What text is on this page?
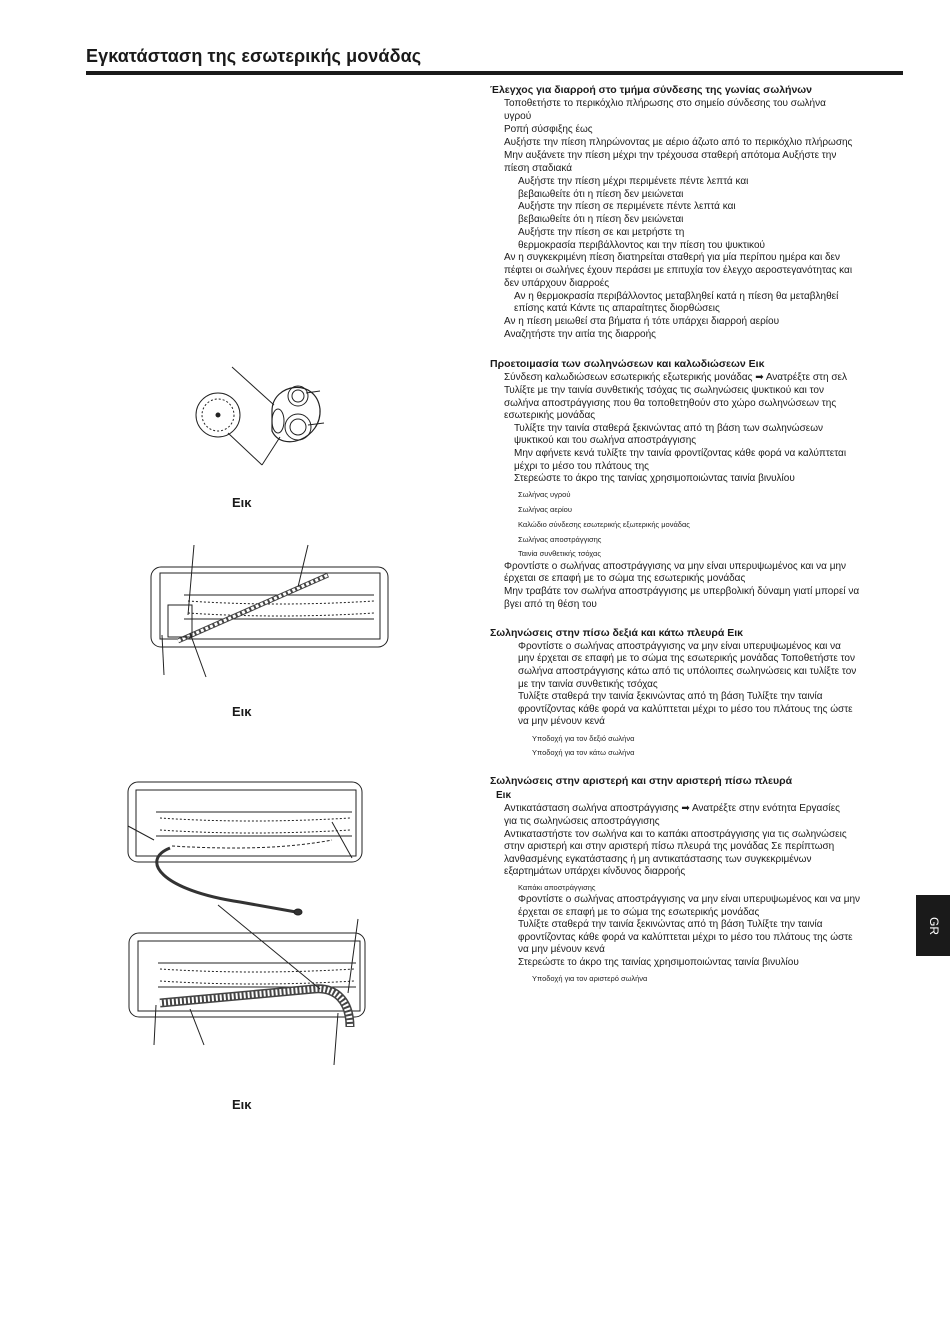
Εγκατάσταση της εσωτερικής μονάδας
GR
Εικ
Εικ
Εικ
Έλεγχος για διαρροή στο τμήμα σύνδεσης της γωνίας σωλήνων
Τοποθετήστε το περικόχλιο πλήρωσης στο σημείο σύνδεσης του σωλήνα
υγρού
Ροπή σύσφιξης έως
Αυξήστε την πίεση πληρώνοντας με αέριο άζωτο από το περικόχλιο πλήρωσης
Μην αυξάνετε την πίεση μέχρι την τρέχουσα σταθερή απότομα Αυξήστε την
πίεση σταδιακά
Αυξήστε την πίεση μέχρι περιμένετε πέντε λεπτά και
βεβαιωθείτε ότι η πίεση δεν μειώνεται
Αυξήστε την πίεση σε περιμένετε πέντε λεπτά και
βεβαιωθείτε ότι η πίεση δεν μειώνεται
Αυξήστε την πίεση σε και μετρήστε τη
θερμοκρασία περιβάλλοντος και την πίεση του ψυκτικού
Αν η συγκεκριμένη πίεση διατηρείται σταθερή για μία περίπου ημέρα και δεν
πέφτει οι σωλήνες έχουν περάσει με επιτυχία τον έλεγχο αεροστεγανότητας και
δεν υπάρχουν διαρροές
Αν η θερμοκρασία περιβάλλοντος μεταβληθεί κατά η πίεση θα μεταβληθεί
επίσης κατά Κάντε τις απαραίτητες διορθώσεις
Αν η πίεση μειωθεί στα βήματα ή τότε υπάρχει διαρροή αερίου
Αναζητήστε την αιτία της διαρροής
Προετοιμασία των σωληνώσεων και καλωδιώσεων Εικ
Σύνδεση καλωδιώσεων εσωτερικής εξωτερικής μονάδας ➡ Ανατρέξτε στη σελ
Τυλίξτε με την ταινία συνθετικής τσόχας τις σωληνώσεις ψυκτικού και τον
σωλήνα αποστράγγισης που θα τοποθετηθούν στο χώρο σωληνώσεων της
εσωτερικής μονάδας
Τυλίξτε την ταινία σταθερά ξεκινώντας από τη βάση των σωληνώσεων
ψυκτικού και του σωλήνα αποστράγγισης
Μην αφήνετε κενά τυλίξτε την ταινία φροντίζοντας κάθε φορά να καλύπτεται
μέχρι το μέσο του πλάτους της
Στερεώστε το άκρο της ταινίας χρησιμοποιώντας ταινία βινυλίου
Σωλήνας υγρού
Σωλήνας αερίου
Καλώδιο σύνδεσης εσωτερικής εξωτερικής μονάδας
Σωλήνας αποστράγγισης
Ταινία συνθετικής τσόχας
Φροντίστε ο σωλήνας αποστράγγισης να μην είναι υπερυψωμένος και να μην
έρχεται σε επαφή με το σώμα της εσωτερικής μονάδας
Μην τραβάτε τον σωλήνα αποστράγγισης με υπερβολική δύναμη γιατί μπορεί να
βγει από τη θέση του
Σωληνώσεις στην πίσω δεξιά και κάτω πλευρά Εικ
Φροντίστε ο σωλήνας αποστράγγισης να μην είναι υπερυψωμένος και να
μην έρχεται σε επαφή με το σώμα της εσωτερικής μονάδας Τοποθετήστε τον
σωλήνα αποστράγγισης κάτω από τις υπόλοιπες σωληνώσεις και τυλίξτε τον
με την ταινία συνθετικής τσόχας
Τυλίξτε σταθερά την ταινία ξεκινώντας από τη βάση Τυλίξτε την ταινία
φροντίζοντας κάθε φορά να καλύπτεται μέχρι το μέσο του πλάτους της ώστε
να μην μένουν κενά
Υποδοχή για τον δεξιό σωλήνα
Υποδοχή για τον κάτω σωλήνα
Σωληνώσεις στην αριστερή και στην αριστερή πίσω πλευρά
Εικ
Αντικατάσταση σωλήνα αποστράγγισης ➡ Ανατρέξτε στην ενότητα Εργασίες
για τις σωληνώσεις αποστράγγισης
Αντικαταστήστε τον σωλήνα και το καπάκι αποστράγγισης για τις σωληνώσεις
στην αριστερή και στην αριστερή πίσω πλευρά της μονάδας Σε περίπτωση
λανθασμένης εγκατάστασης ή μη αντικατάστασης των συγκεκριμένων
εξαρτημάτων υπάρχει κίνδυνος διαρροής
Καπάκι αποστράγγισης
Φροντίστε ο σωλήνας αποστράγγισης να μην είναι υπερυψωμένος και να μην
έρχεται σε επαφή με το σώμα της εσωτερικής μονάδας
Τυλίξτε σταθερά την ταινία ξεκινώντας από τη βάση Τυλίξτε την ταινία
φροντίζοντας κάθε φορά να καλύπτεται μέχρι το μέσο του πλάτους της ώστε
να μην μένουν κενά
Στερεώστε το άκρο της ταινίας χρησιμοποιώντας ταινία βινυλίου
Υποδοχή για τον αριστερό σωλήνα
